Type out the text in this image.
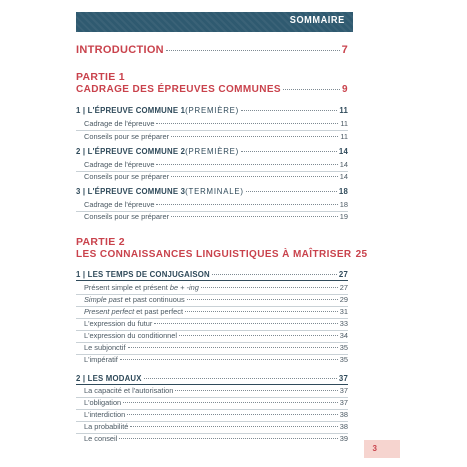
SOMMAIRE
INTRODUCTION	7
PARTIE 1
CADRAGE DES ÉPREUVES COMMUNES	9
1 | L'ÉPREUVE COMMUNE 1(PREMIÈRE)	11
Cadrage de l'épreuve	11
Conseils pour se préparer	11
2 | L'ÉPREUVE COMMUNE 2(PREMIÈRE)	14
Cadrage de l'épreuve	14
Conseils pour se préparer	14
3 | L'ÉPREUVE COMMUNE 3(TERMINALE)	18
Cadrage de l'épreuve	18
Conseils pour se préparer	19
PARTIE 2
LES CONNAISSANCES LINGUISTIQUES À MAÎTRISER 25
1 | LES TEMPS DE CONJUGAISON	27
Présent simple et présent be + -ing	27
Simple past et past continuous	29
Present perfect et past perfect	31
L'expression du futur	33
L'expression du conditionnel	34
Le subjonctif	35
L'impératif	35
2 | LES MODAUX	37
La capacité et l'autorisation	37
L'obligation	37
L'interdiction	38
La probabilité	38
Le conseil	39
3
